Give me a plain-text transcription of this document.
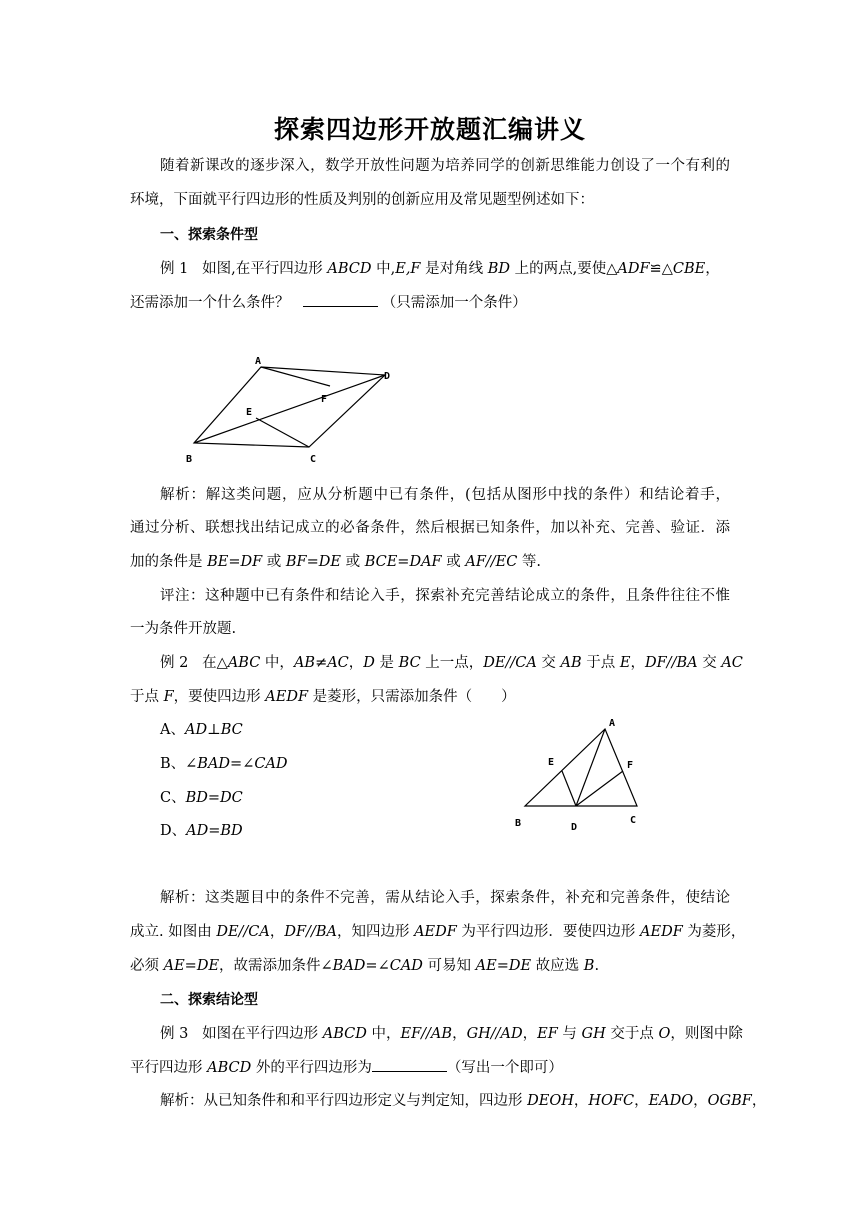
探索四边形开放题汇编讲义
随着新课改的逐步深入，数学开放性问题为培养同学的创新思维能力创设了一个有利的
环境，下面就平行四边形的性质及判别的创新应用及常见题型例述如下：
一、探索条件型
例 1 如图,在平行四边形 ABCD 中,E,F 是对角线 BD 上的两点,要使△ADF≌△CBE，
还需添加一个什么条件？	（只需添加一个条件）
A
D
F
E
B	C
解析：解这类问题，应从分析题中已有条件，(包括从图形中找的条件）和结论着手，
通过分析、联想找出结记成立的必备条件，然后根据已知条件，加以补充、完善、验证．添
加的条件是 BE=DF 或 BF=DE 或 BCE=DAF 或 AF//EC 等.
评注：这种题中已有条件和结论入手，探索补充完善结论成立的条件，且条件往往不惟
一为条件开放题.
例 2 在△ABC 中，AB≠AC，D 是 BC 上一点，DE//CA 交 AB 于点 E，DF//BA 交 AC
于点 F，要使四边形 AEDF 是菱形，只需添加条件（　　）
A、AD⊥BC
B、∠BAD=∠CAD
C、BD=DC
D、AD=BD
A
E	F
B	D
C
解析：这类题目中的条件不完善，需从结论入手，探索条件，补充和完善条件，使结论
成立. 如图由 DE//CA，DF//BA，知四边形 AEDF 为平行四边形．要使四边形 AEDF 为菱形，
必须 AE=DE，故需添加条件∠BAD=∠CAD 可易知 AE=DE 故应选 B.
二、探索结论型
例 3 如图在平行四边形 ABCD 中，EF//AB，GH//AD，EF 与 GH 交于点 O，则图中除
平行四边形 ABCD 外的平行四边形为	（写出一个即可）
解析：从已知条件和和平行四边形定义与判定知，四边形 DEOH，HOFC，EADO，OGBF，
